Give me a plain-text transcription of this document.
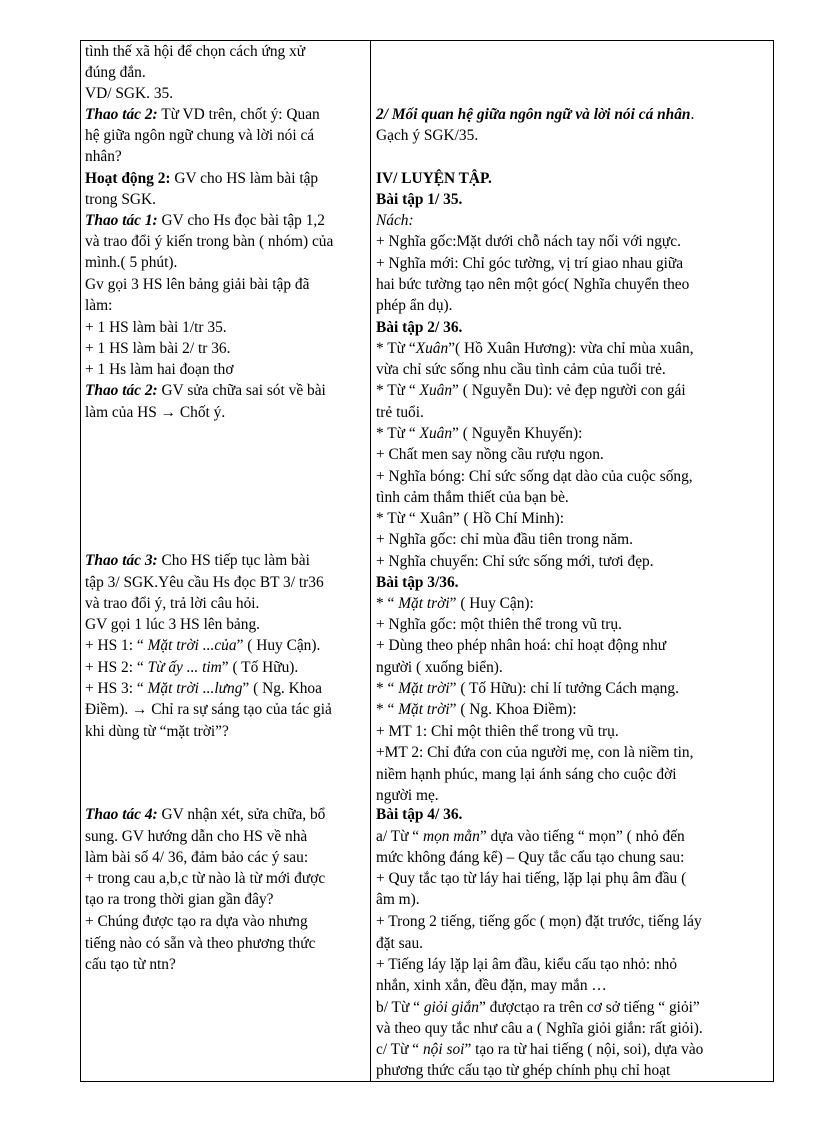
tình thế xã hội để chọn cách ứng xử
đúng đắn.
VD/ SGK. 35.
Thao tác 2: Từ VD trên, chốt ý: Quan
hệ giữa ngôn ngữ chung và lời nói cá
nhân?
Hoạt động 2: GV cho HS làm bài tập
trong SGK.
Thao tác 1: GV cho Hs đọc bài tập 1,2
và trao đổi ý kiến trong bàn ( nhóm) của
mình.( 5 phút).
Gv gọi 3 HS lên bảng giải bài tập đã
làm:
+ 1 HS làm bài 1/tr 35.
+ 1 HS làm bài 2/ tr 36.
+ 1 Hs làm hai đoạn thơ
Thao tác 2: GV sửa chữa sai sót về bài
làm của HS → Chốt ý.
Thao tác 3: Cho HS tiếp tục làm bài
tập 3/ SGK.Yêu cầu Hs đọc BT 3/ tr36
và trao đổi ý, trả lời câu hỏi.
GV gọi 1 lúc 3 HS lên bảng.
+ HS 1: “ Mặt trời ...của” ( Huy Cận).
+ HS 2: “ Từ ấy ... tim” ( Tố Hữu).
+ HS 3: “ Mặt trời ...lưng” ( Ng. Khoa
Điềm). → Chỉ ra sự sáng tạo của tác giả
khi dùng từ “mặt trời”?
Thao tác 4: GV nhận xét, sửa chữa, bổ
sung. GV hướng dẫn cho HS về nhà
làm bài số 4/ 36, đảm bảo các ý sau:
+ trong cau a,b,c từ nào là từ mới được
tạo ra trong thời gian gần đây?
+ Chúng được tạo ra dựa vào nhưng
tiếng nào có sẵn và theo phương thức
cấu tạo từ ntn?
2/ Mối quan hệ giữa ngôn ngữ và lời nói cá nhân.
Gạch ý SGK/35.
IV/ LUYỆN TẬP.
Bài tập 1/ 35.
Nách:
+ Nghĩa gốc:Mặt dưới chỗ nách tay nối với ngực.
+ Nghĩa mới: Chỉ góc tường, vị trí giao nhau giữa
hai bức tường tạo nên một góc( Nghĩa chuyển theo
phép ẩn dụ).
Bài tập 2/ 36.
* Từ “Xuân”( Hồ Xuân Hương): vừa chỉ mùa xuân,
vừa chỉ sức sống nhu cầu tình cảm của tuổi trẻ.
* Từ “ Xuân” ( Nguyễn Du): vẻ đẹp người con gái
trẻ tuổi.
* Từ “ Xuân” ( Nguyễn Khuyến):
+ Chất men say nồng cầu rượu ngon.
+ Nghĩa bóng: Chỉ sức sống dạt dào của cuộc sống,
tình cảm thắm thiết của bạn bè.
* Từ “ Xuân” ( Hồ Chí Minh):
+ Nghĩa gốc: chỉ mùa đầu tiên trong năm.
+ Nghĩa chuyển: Chỉ sức sống mới, tươi đẹp.
Bài tập 3/36.
* “ Mặt trời” ( Huy Cận):
+ Nghĩa gốc: một thiên thể trong vũ trụ.
+ Dùng theo phép nhân hoá: chỉ hoạt động như
người ( xuống biển).
* “ Mặt trời” ( Tố Hữu): chỉ lí tưởng Cách mạng.
* “ Mặt trời” ( Ng. Khoa Điềm):
+ MT 1: Chỉ một thiên thể trong vũ trụ.
+MT 2: Chỉ đứa con của người mẹ, con là niềm tin,
niềm hạnh phúc, mang lại ánh sáng cho cuộc đời
người mẹ.
Bài tập 4/ 36.
a/ Từ “ mọn mằn” dựa vào tiếng “ mọn” ( nhỏ đến
mức không đáng kể) – Quy tắc cấu tạo chung sau:
+ Quy tắc tạo từ láy hai tiếng, lặp lại phụ âm đầu (
âm m).
+ Trong 2 tiếng, tiếng gốc ( mọn) đặt trước, tiếng láy
đặt sau.
+ Tiếng láy lặp lại âm đầu, kiểu cấu tạo nhỏ: nhỏ
nhắn, xinh xắn, đều đặn, may mắn …
b/ Từ “ giỏi giắn” đượctạo ra trên cơ sở tiếng “ giỏi”
và theo quy tắc như câu a ( Nghĩa giỏi giắn: rất giỏi).
c/ Từ “ nội soi” tạo ra từ hai tiếng ( nội, soi), dựa vào
phương thức cấu tạo từ ghép chính phụ chỉ hoạt
